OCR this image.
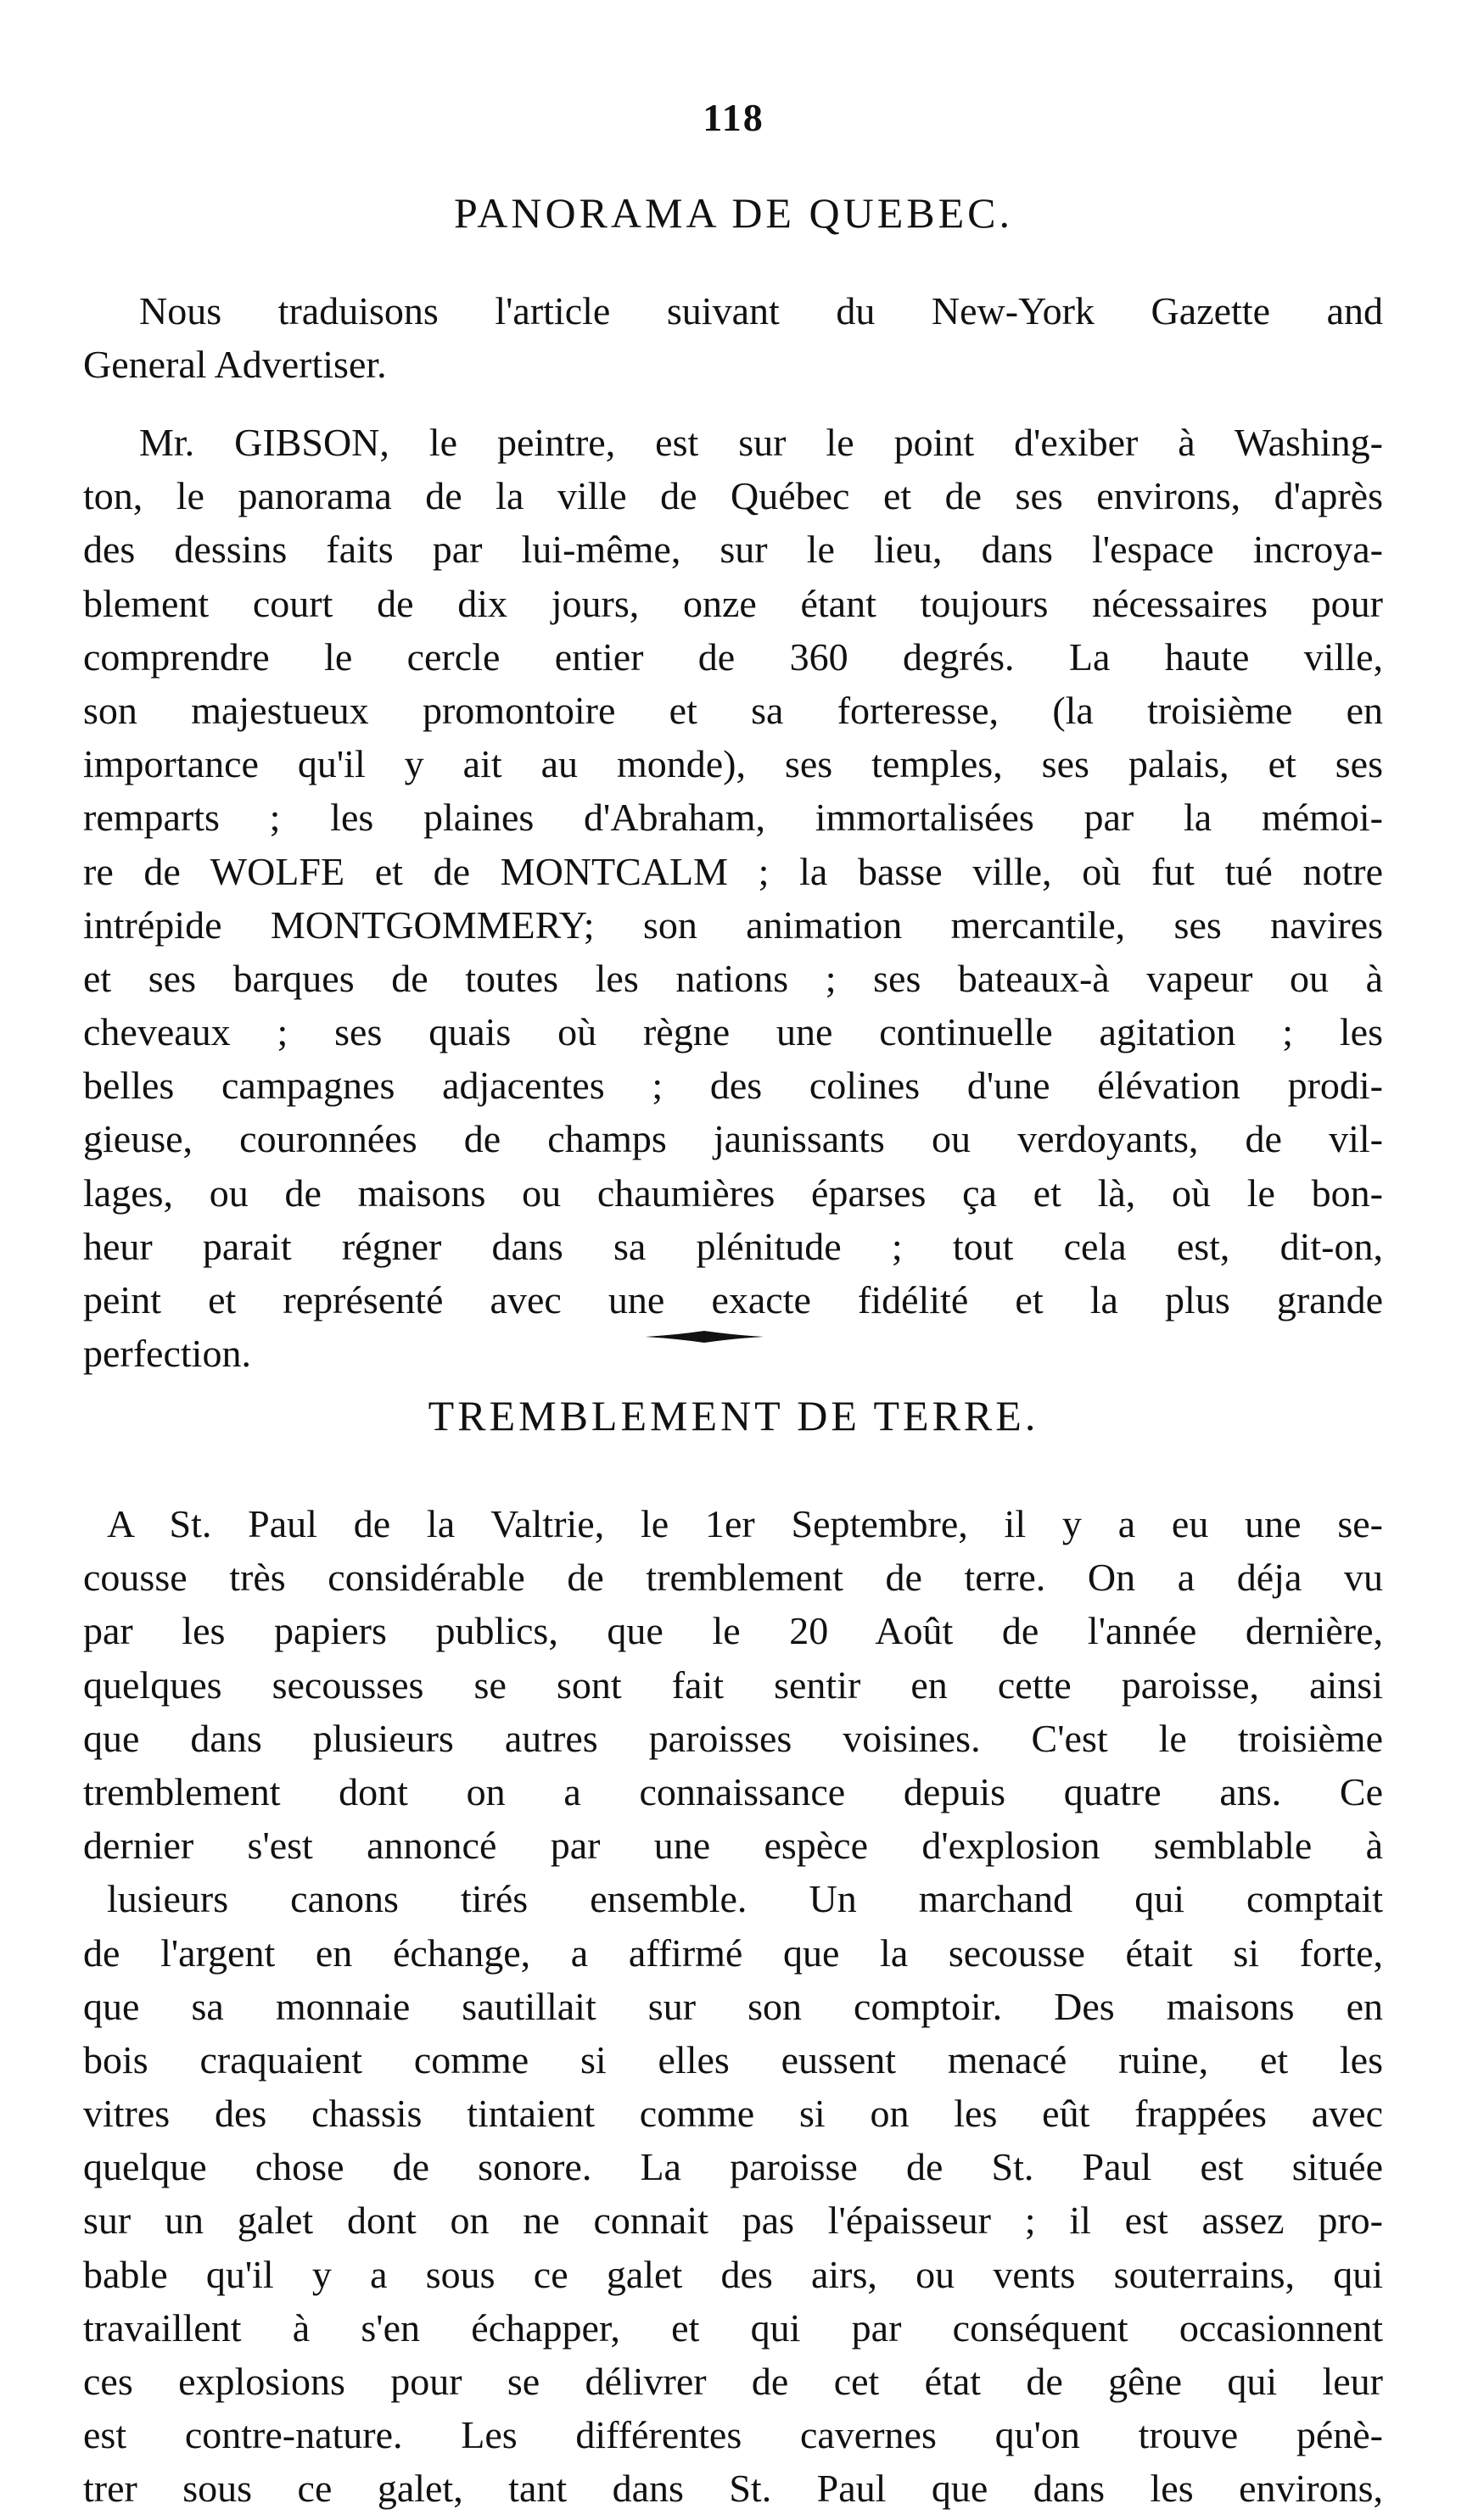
118
PANORAMA DE QUEBEC.
Nous traduisons l'article suivant du New-York Gazette and
General Advertiser.
Mr. GIBSON, le peintre, est sur le point d'exiber à Washing-
ton, le panorama de la ville de Québec et de ses environs, d'après
des dessins faits par lui-même, sur le lieu, dans l'espace incroya-
blement court de dix jours, onze étant toujours nécessaires pour
comprendre le cercle entier de 360 degrés. La haute ville,
son majestueux promontoire et sa forteresse, (la troisième en
importance qu'il y ait au monde), ses temples, ses palais, et ses
remparts ; les plaines d'Abraham, immortalisées par la mémoi-
re de WOLFE et de MONTCALM ; la basse ville, où fut tué notre
intrépide MONTGOMMERY; son animation mercantile, ses navires
et ses barques de toutes les nations ; ses bateaux-à vapeur ou à
cheveaux ; ses quais où règne une continuelle agitation ; les
belles campagnes adjacentes ; des colines d'une élévation prodi-
gieuse, couronnées de champs jaunissants ou verdoyants, de vil-
lages, ou de maisons ou chaumières éparses ça et là, où le bon-
heur parait régner dans sa plénitude ; tout cela est, dit-on,
peint et représenté avec une exacte fidélité et la plus grande
perfection.
TREMBLEMENT DE TERRE.
A St. Paul de la Valtrie, le 1er Septembre, il y a eu une se-
cousse très considérable de tremblement de terre. On a déja vu
par les papiers publics, que le 20 Août de l'année dernière,
quelques secousses se sont fait sentir en cette paroisse, ainsi
que dans plusieurs autres paroisses voisines. C'est le troisième
tremblement dont on a connaissance depuis quatre ans. Ce
dernier s'est annoncé par une espèce d'explosion semblable à
lusieurs canons tirés ensemble. Un marchand qui comptait
de l'argent en échange, a affirmé que la secousse était si forte,
que sa monnaie sautillait sur son comptoir. Des maisons en
bois craquaient comme si elles eussent menacé ruine, et les
vitres des chassis tintaient comme si on les eût frappées avec
quelque chose de sonore. La paroisse de St. Paul est située
sur un galet dont on ne connait pas l'épaisseur ; il est assez pro-
bable qu'il y a sous ce galet des airs, ou vents souterrains, qui
travaillent à s'en échapper, et qui par conséquent occasionnent
ces explosions pour se délivrer de cet état de gêne qui leur
est contre-nature. Les différentes cavernes qu'on trouve pénè-
trer sous ce galet, tant dans St. Paul que dans les environs,
